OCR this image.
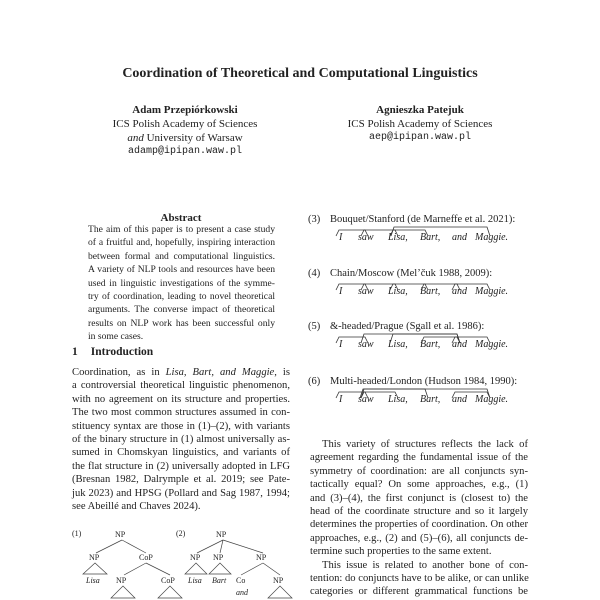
Coordination of Theoretical and Computational Linguistics
Adam Przepiórkowski
ICS Polish Academy of Sciences
and University of Warsaw
adamp@ipipan.waw.pl
Agnieszka Patejuk
ICS Polish Academy of Sciences
aep@ipipan.waw.pl
Abstract
1 Introduction
(1)	NP
NP	CoP
Lisa NP	CoP
(2)	NP
NP NP	NP
Lisa Bart Co	NP
and
The aim of this paper is to present a case study
of a fruitful and, hopefully, inspiring interaction
between formal and computational linguistics.
A variety of NLP tools and resources have been
used in linguistic investigations of the symme-
try of coordination, leading to novel theoretical
arguments. The converse impact of theoretical
results on NLP work has been successful only
in some cases.
Coordination, as in Lisa, Bart, and Maggie, is
a controversial theoretical linguistic phenomenon,
with no agreement on its structure and properties.
The two most common structures assumed in con-
stituency syntax are those in (1)–(2), with variants
of the binary structure in (1) almost universally as-
sumed in Chomskyan linguistics, and variants of
the flat structure in (2) universally adopted in LFG
(Bresnan 1982, Dalrymple et al. 2019; see Pate-
juk 2023) and HPSG (Pollard and Sag 1987, 1994;
see Abeillé and Chaves 2024).
(3) Bouquet/Stanford (de Marneffe et al. 2021):
I saw Lisa, Bart, and Maggie.
(4) Chain/Moscow (Mel’čuk 1988, 2009):
I saw Lisa, Bart, and Maggie.
(5) &-headed/Prague (Sgall et al. 1986):
I saw Lisa, Bart, and Maggie.
(6) Multi-headed/London (Hudson 1984, 1990):
I saw Lisa, Bart, and Maggie.
This variety of structures reflects the lack of
agreement regarding the fundamental issue of the
symmetry of coordination: are all conjuncts syn-
tactically equal? On some approaches, e.g., (1)
and (3)–(4), the first conjunct is (closest to) the
head of the coordinate structure and so it largely
determines the properties of coordination. On other
approaches, e.g., (2) and (5)–(6), all conjuncts de-
termine such properties to the same extent.
This issue is related to another bone of con-
tention: do conjuncts have to be alike, or can unlike
categories or different grammatical functions be
